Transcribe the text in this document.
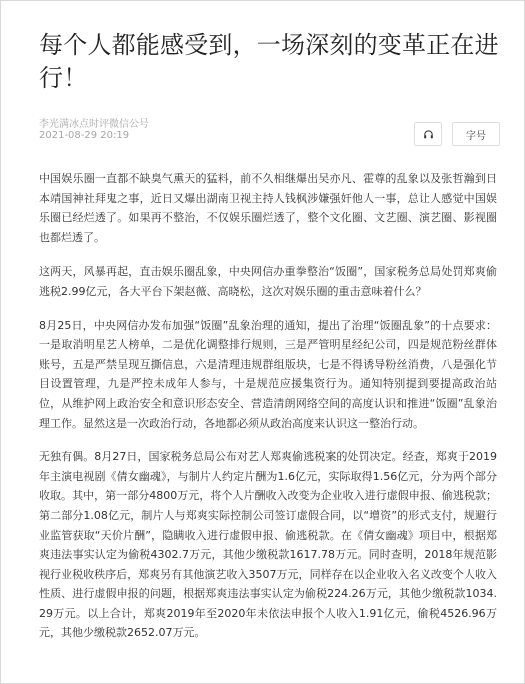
每个人都能感受到，一场深刻的变革正在进行！
李光满冰点时评微信公号
2021-08-29 20:19	字号

中国娱乐圈一直都不缺臭气熏天的猛料，前不久相继爆出吴亦凡、霍尊的乱象以及张哲瀚到日本靖国神社拜鬼之事，近日又爆出湖南卫视主持人钱枫涉嫌强奸他人一事，总让人感觉中国娱乐圈已经烂透了。如果再不整治，不仅娱乐圈烂透了，整个文化圈、文艺圈、演艺圈、影视圈也都烂透了。

这两天，风暴再起，直击娱乐圈乱象，中央网信办重拳整治“饭圈”，国家税务总局处罚郑爽偷逃税2.99亿元，各大平台下架赵薇、高晓松，这次对娱乐圈的重击意味着什么？

8月25日，中央网信办发布加强“饭圈”乱象治理的通知，提出了治理“饭圈乱象”的十点要求：一是取消明星艺人榜单，二是优化调整排行规则，三是严管明星经纪公司，四是规范粉丝群体账号，五是严禁呈现互撕信息，六是清理违规群组版块，七是不得诱导粉丝消费，八是强化节目设置管理，九是严控未成年人参与，十是规范应援集资行为。通知特别提到要提高政治站位，从维护网上政治安全和意识形态安全、营造清朗网络空间的高度认识和推进“饭圈”乱象治理工作。显然这是一次政治行动，各地都必须从政治高度来认识这一整治行动。

无独有偶。8月27日，国家税务总局公布对艺人郑爽偷逃税案的处罚决定。经查，郑爽于2019年主演电视剧《倩女幽魂》，与制片人约定片酬为1.6亿元，实际取得1.56亿元，分为两个部分收取。其中，第一部分4800万元，将个人片酬收入改变为企业收入进行虚假申报、偷逃税款；第二部分1.08亿元，制片人与郑爽实际控制公司签订虚假合同，以“增资”的形式支付，规避行业监管获取“天价片酬”，隐瞒收入进行虚假申报、偷逃税款。在《倩女幽魂》项目中，根据郑爽违法事实认定为偷税4302.7万元，其他少缴税款1617.78万元。同时查明，2018年规范影视行业税收秩序后，郑爽另有其他演艺收入3507万元，同样存在以企业收入名义改变个人收入性质、进行虚假申报的问题，根据郑爽违法事实认定为偷税224.26万元，其他少缴税款1034.29万元。以上合计，郑爽2019年至2020年未依法申报个人收入1.91亿元，偷税4526.96万元，其他少缴税款2652.07万元。
